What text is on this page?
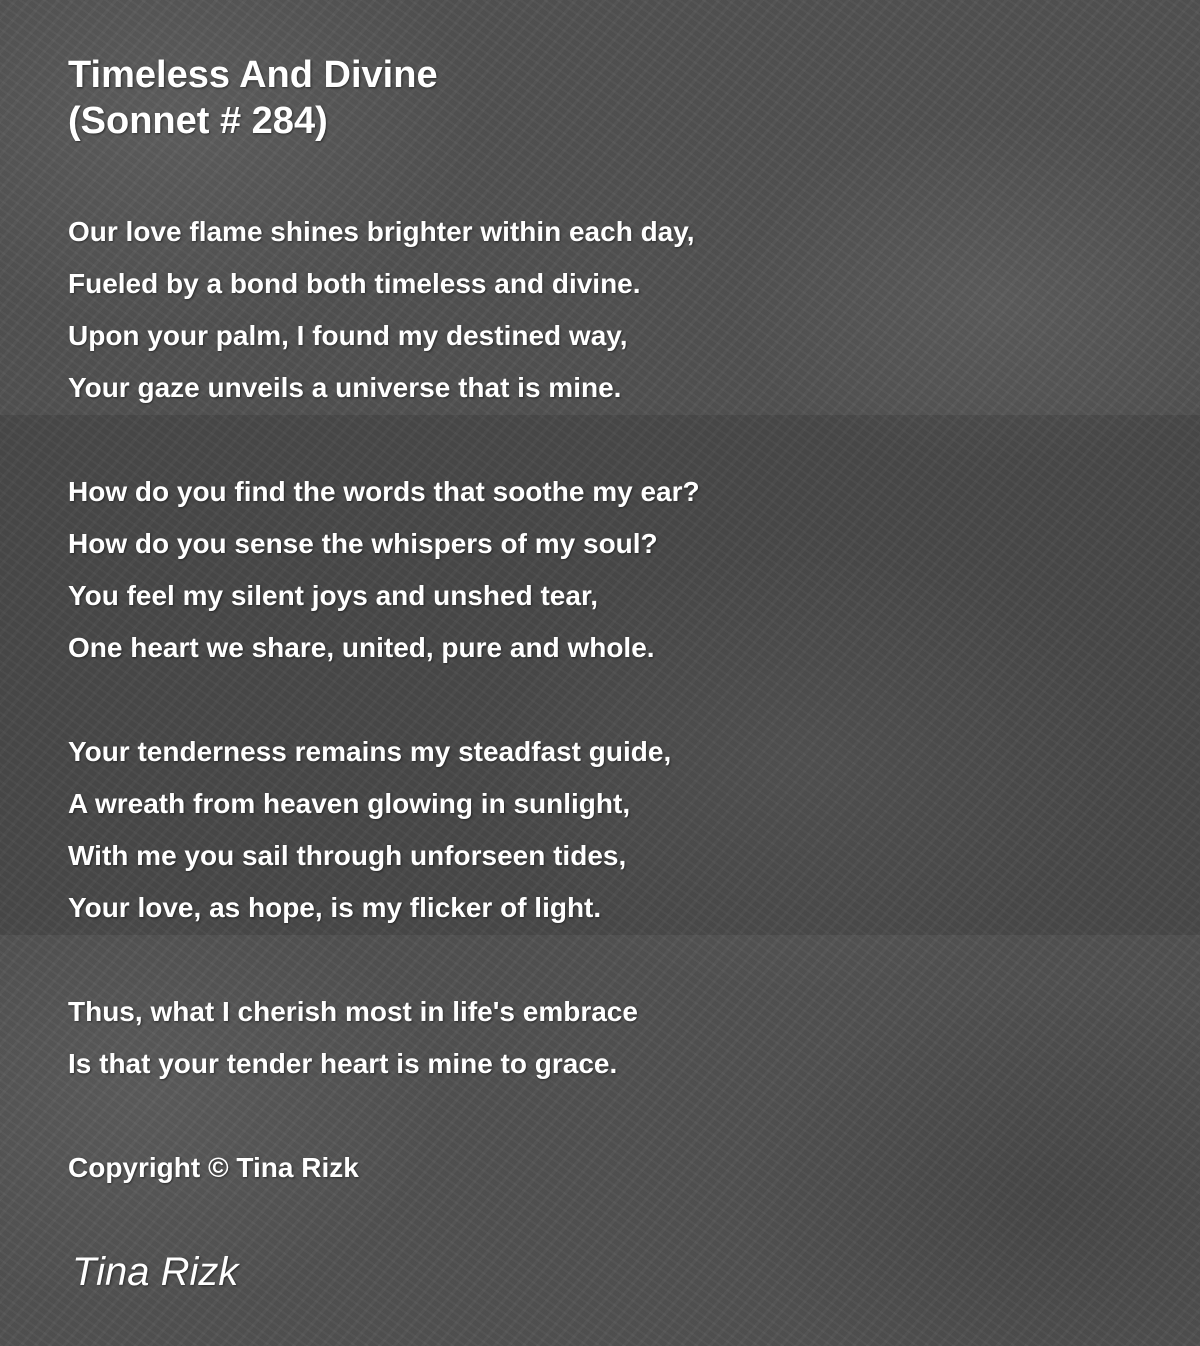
Timeless And Divine
(Sonnet # 284)
Our love flame shines brighter within each day,
Fueled by a bond both timeless and divine.
Upon your palm, I found my destined way,
Your gaze unveils a universe that is mine.
How do you find the words that soothe my ear?
How do you sense the whispers of my soul?
You feel my silent joys and unshed tear,
One heart we share, united, pure and whole.
Your tenderness remains my steadfast guide,
A wreath from heaven glowing in sunlight,
With me you sail through unforseen tides,
Your love, as hope, is my flicker of light.
Thus, what I cherish most in life's embrace
Is that your tender heart is mine to grace.
Copyright © Tina Rizk
Tina Rizk
